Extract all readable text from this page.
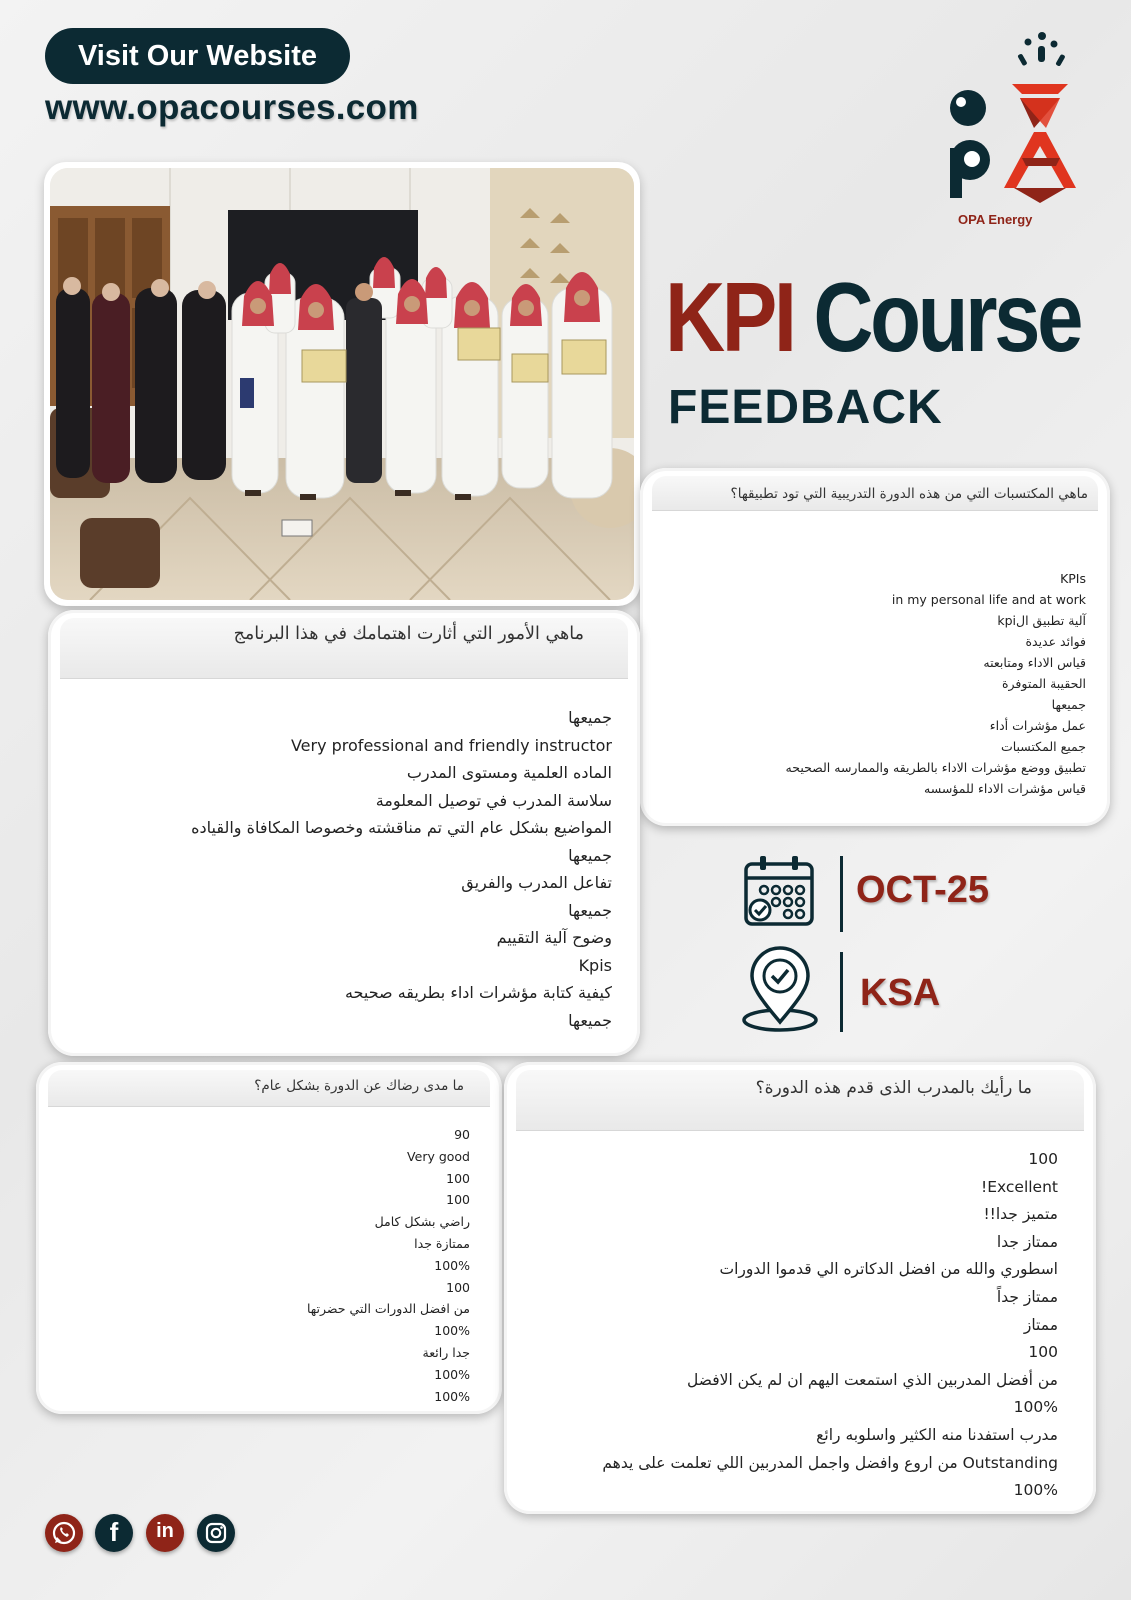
Visit Our Website
www.opacourses.com
OPA Energy
KPI Course
FEEDBACK
ماهي المكتسبات التي من هذه الدورة التدريبية التي تود تطبيقها؟
KPIs
in my personal life and at work
آلية تطبيق الkpi
فوائد عديدة
قياس الاداء ومتابعته
الحقيبة المتوفرة
جميعها
عمل مؤشرات أداء
جميع المكتسبات
تطبيق ووضع مؤشرات الاداء بالطريقه والممارسه الصحيحه
قياس مؤشرات الاداء للمؤسسه
ماهي الأمور التي أثارت اهتمامك في هذا البرنامج
جميعها
Very professional and friendly instructor
الماده العلمية ومستوى المدرب
سلاسة المدرب في توصيل المعلومة
المواضيع بشكل عام التي تم مناقشته وخصوصا المكافاة والقياده
جميعها
تفاعل المدرب والفريق
جميعها
وضوح آلية التقييم
Kpis
كيفية كتابة مؤشرات اداء بطريقه صحيحه
جميعها
OCT-25
KSA
ما مدى رضاك عن الدورة بشكل عام؟
90
Very good
100
100
راضي بشكل كامل
ممتازة جدا
100%
100
من افضل الدورات التي حضرتها
100%
جدا رائعة
100%
100%
ما رأيك بالمدرب الذى قدم هذه الدورة؟
100
Excellent!
متميز جدا!!
ممتاز جدا
اسطوري والله من افضل الدكاتره الي قدموا الدورات
ممتاز جداً
ممتاز
100
من أفضل المدربين الذي استمعت اليهم ان لم يكن الافضل
100%
مدرب استفدنا منه الكثير واسلوبه رائع
Outstanding من اروع وافضل واجمل المدربين اللي تعلمت على يدهم
100%
f	in
